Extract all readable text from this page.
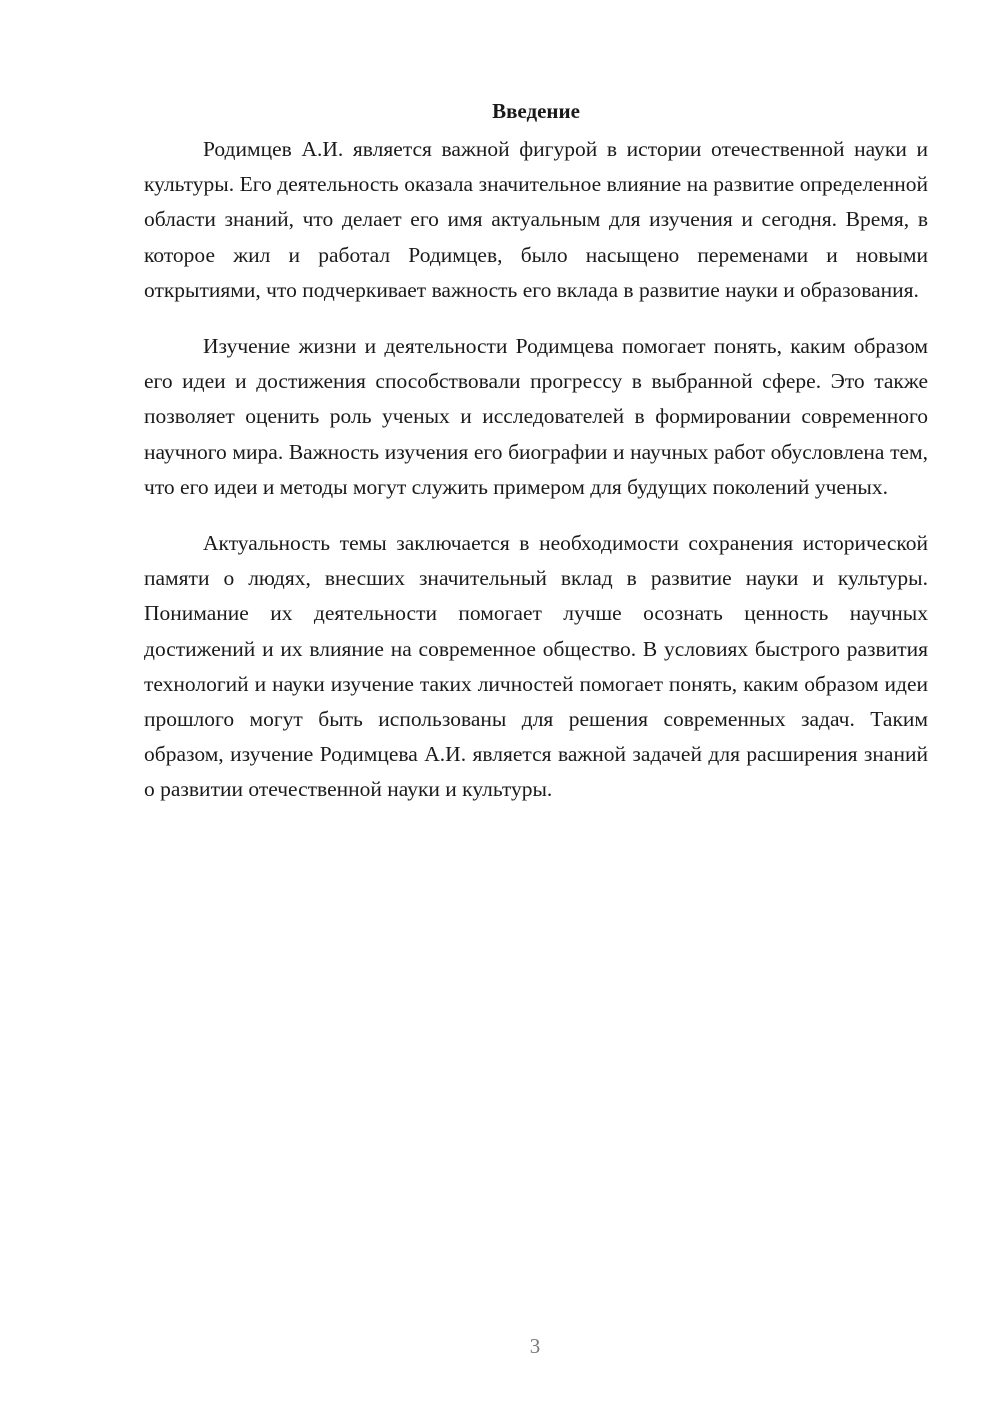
Введение

Родимцев А.И. является важной фигурой в истории отечественной науки и культуры. Его деятельность оказала значительное влияние на развитие определенной области знаний, что делает его имя актуальным для изучения и сегодня. Время, в которое жил и работал Родимцев, было насыщено переменами и новыми открытиями, что подчеркивает важность его вклада в развитие науки и образования.

Изучение жизни и деятельности Родимцева помогает понять, каким образом его идеи и достижения способствовали прогрессу в выбранной сфере. Это также позволяет оценить роль ученых и исследователей в формировании современного научного мира. Важность изучения его биографии и научных работ обусловлена тем, что его идеи и методы могут служить примером для будущих поколений ученых.

Актуальность темы заключается в необходимости сохранения исторической памяти о людях, внесших значительный вклад в развитие науки и культуры. Понимание их деятельности помогает лучше осознать ценность научных достижений и их влияние на современное общество. В условиях быстрого развития технологий и науки изучение таких личностей помогает понять, каким образом идеи прошлого могут быть использованы для решения современных задач. Таким образом, изучение Родимцева А.И. является важной задачей для расширения знаний о развитии отечественной науки и культуры.

3
